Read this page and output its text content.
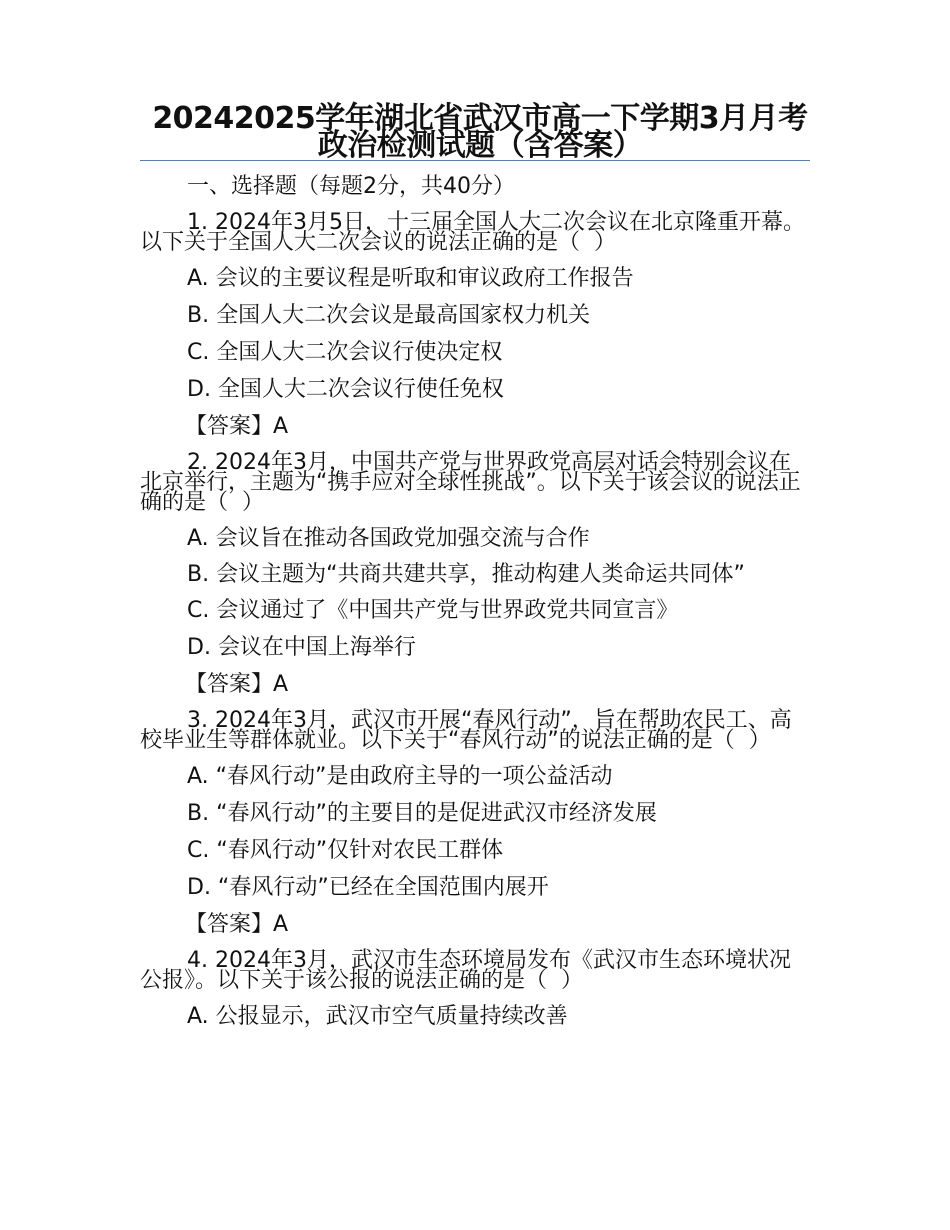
20242025学年湖北省武汉市高一下学期3月月考政治检测试题（含答案）

一、选择题（每题2分，共40分）

1. 2024年3月5日，十三届全国人大二次会议在北京隆重开幕。以下关于全国人大二次会议的说法正确的是（  ）

A. 会议的主要议程是听取和审议政府工作报告

B. 全国人大二次会议是最高国家权力机关

C. 全国人大二次会议行使决定权

D. 全国人大二次会议行使任免权

【答案】A

2. 2024年3月，中国共产党与世界政党高层对话会特别会议在北京举行，主题为“携手应对全球性挑战”。以下关于该会议的说法正确的是（  ）

A. 会议旨在推动各国政党加强交流与合作

B. 会议主题为“共商共建共享，推动构建人类命运共同体”

C. 会议通过了《中国共产党与世界政党共同宣言》

D. 会议在中国上海举行

【答案】A

3. 2024年3月，武汉市开展“春风行动”，旨在帮助农民工、高校毕业生等群体就业。以下关于“春风行动”的说法正确的是（  ）

A. “春风行动”是由政府主导的一项公益活动

B. “春风行动”的主要目的是促进武汉市经济发展

C. “春风行动”仅针对农民工群体

D. “春风行动”已经在全国范围内展开

【答案】A

4. 2024年3月，武汉市生态环境局发布《武汉市生态环境状况公报》。以下关于该公报的说法正确的是（  ）

A. 公报显示，武汉市空气质量持续改善
